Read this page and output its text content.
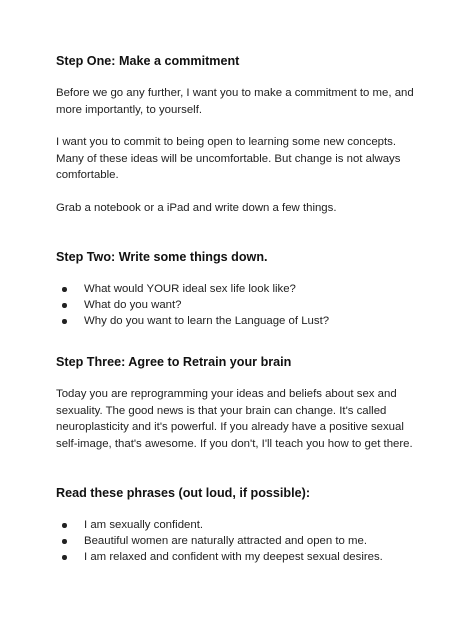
Step One: Make a commitment

Before we go any further, I want you to make a commitment to me, and more importantly, to yourself.

I want you to commit to being open to learning some new concepts. Many of these ideas will be uncomfortable. But change is not always comfortable.

Grab a notebook or a iPad and write down a few things.

Step Two: Write some things down.
What would YOUR ideal sex life look like?
What do you want?
Why do you want to learn the Language of Lust?
Step Three: Agree to Retrain your brain

Today you are reprogramming your ideas and beliefs about sex and sexuality. The good news is that your brain can change. It's called neuroplasticity and it's powerful. If you already have a positive sexual self-image, that's awesome. If you don't, I'll teach you how to get there.

Read these phrases (out loud, if possible):
I am sexually confident.
Beautiful women are naturally attracted and open to me.
I am relaxed and confident with my deepest sexual desires.
